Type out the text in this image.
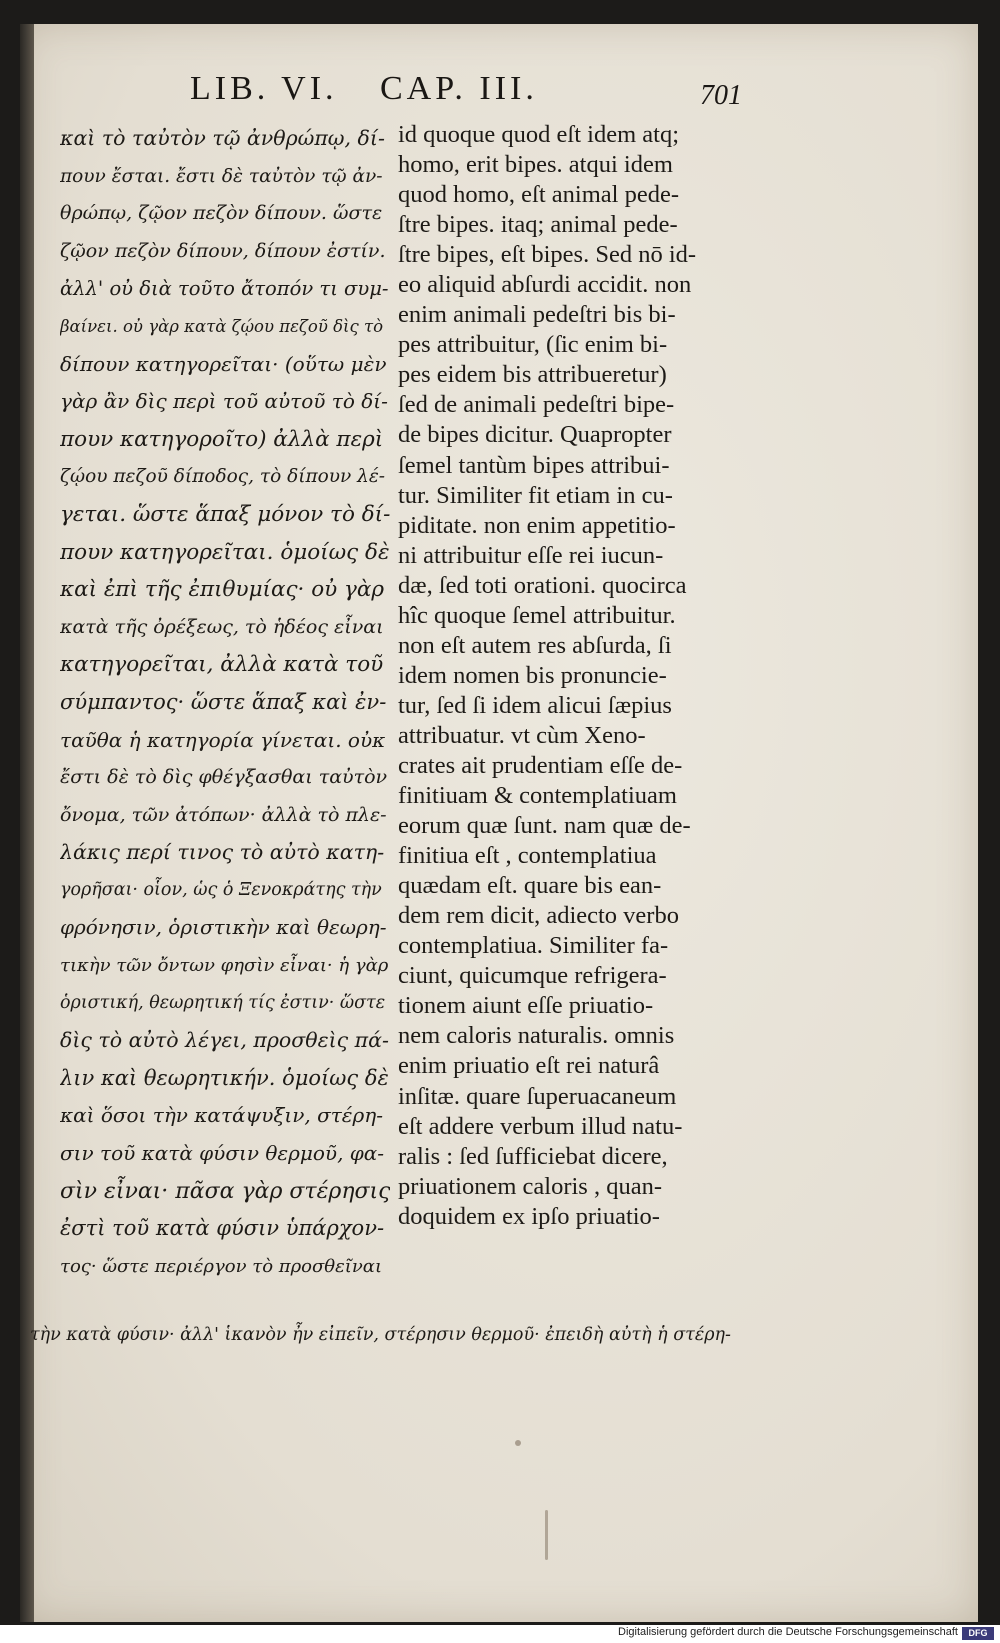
LIB. VI. CAP. III.	701
καὶ τὸ ταὐτὸν τῷ ἀνθρώπῳ, δί-
πουν ἔσται. ἔστι δὲ ταὐτὸν τῷ ἀν-
θρώπῳ, ζῷον πεζὸν δίπουν. ὥστε
ζῷον πεζὸν δίπουν, δίπουν ἐστίν.
ἀλλ' οὐ διὰ τοῦτο ἄτοπόν τι συμ-
βαίνει. οὐ γὰρ κατὰ ζῴου πεζοῦ δὶς τὸ
δίπουν κατηγορεῖται· (οὕτω μὲν
γὰρ ἂν δὶς περὶ τοῦ αὐτοῦ τὸ δί-
πουν κατηγοροῖτο) ἀλλὰ περὶ
ζῴου πεζοῦ δίποδος, τὸ δίπουν λέ-
γεται. ὥστε ἅπαξ μόνον τὸ δί-
πουν κατηγορεῖται. ὁμοίως δὲ
καὶ ἐπὶ τῆς ἐπιθυμίας· οὐ γὰρ
κατὰ τῆς ὀρέξεως, τὸ ἡδέος εἶναι
κατηγορεῖται, ἀλλὰ κατὰ τοῦ
σύμπαντος· ὥστε ἅπαξ καὶ ἐν-
ταῦθα ἡ κατηγορία γίνεται. οὐκ
ἔστι δὲ τὸ δὶς φθέγξασθαι ταὐτὸν
ὄνομα, τῶν ἀτόπων· ἀλλὰ τὸ πλε-
λάκις περί τινος τὸ αὐτὸ κατη-
γορῆσαι· οἷον, ὡς ὁ Ξενοκράτης τὴν
φρόνησιν, ὁριστικὴν καὶ θεωρη-
τικὴν τῶν ὄντων φησὶν εἶναι· ἡ γὰρ
ὁριστική, θεωρητική τίς ἐστιν· ὥστε
δὶς τὸ αὐτὸ λέγει, προσθεὶς πά-
λιν καὶ θεωρητικήν. ὁμοίως δὲ
καὶ ὅσοι τὴν κατάψυξιν, στέρη-
σιν τοῦ κατὰ φύσιν θερμοῦ, φα-
σὶν εἶναι· πᾶσα γὰρ στέρησις
ἐστὶ τοῦ κατὰ φύσιν ὑπάρχον-
τος· ὥστε περιέργον τὸ προσθεῖναι
id quoque quod eſt idem atq;
homo, erit bipes. atqui idem
quod homo, eſt animal pede-
ſtre bipes. itaq; animal pede-
ſtre bipes, eſt bipes. Sed nō id-
eo aliquid abſurdi accidit. non
enim animali pedeſtri bis bi-
pes attribuitur, (ſic enim bi-
pes eidem bis attribueretur)
ſed de animali pedeſtri bipe-
de bipes dicitur. Quapropter
ſemel tantùm bipes attribui-
tur. Similiter fit etiam in cu-
piditate. non enim appetitio-
ni attribuitur eſſe rei iucun-
dæ, ſed toti orationi. quocirca
hîc quoque ſemel attribuitur.
non eſt autem res abſurda, ſi
idem nomen bis pronuncie-
tur, ſed ſi idem alicui ſæpius
attribuatur. vt cùm Xeno-
crates ait prudentiam eſſe de-
finitiuam & contemplatiuam
eorum quæ ſunt. nam quæ de-
finitiua eſt , contemplatiua
quædam eſt. quare bis ean-
dem rem dicit, adiecto verbo
contemplatiua. Similiter fa-
ciunt, quicumque refrigera-
tionem aiunt eſſe priuatio-
nem caloris naturalis. omnis
enim priuatio eſt rei naturâ
inſitæ. quare ſuperuacaneum
eſt addere verbum illud natu-
ralis : ſed ſufficiebat dicere,
priuationem caloris , quan-
doquidem ex ipſo priuatio-
τὴν κατὰ φύσιν· ἀλλ' ἱκανὸν ἦν εἰπεῖν, στέρησιν θερμοῦ· ἐπειδὴ αὐτὴ ἡ στέρη-
Digitalisierung gefördert durch die Deutsche Forschungsgemeinschaft	DFG
